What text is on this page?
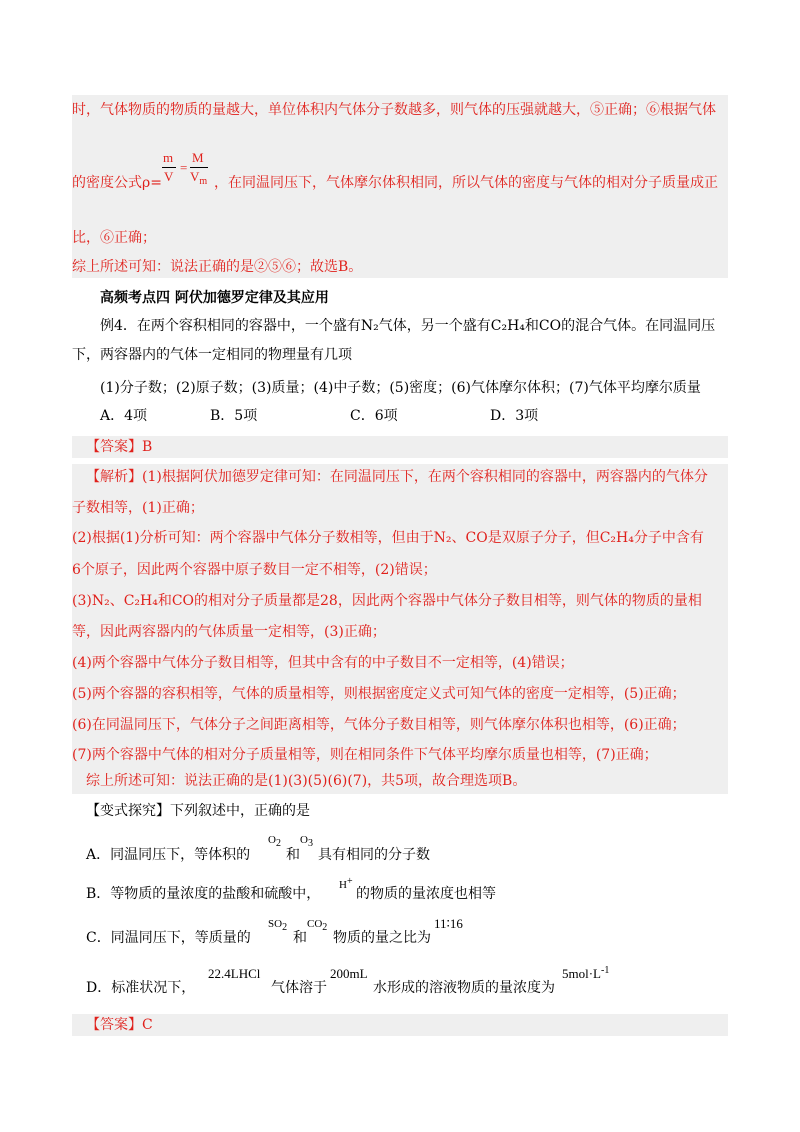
时，气体物质的物质的量越大，单位体积内气体分子数越多，则气体的压强就越大，⑤正确；⑥根据气体
的密度公式ρ=
m
V
=
M
$V_m$ ，在同温同压下，气体摩尔体积相同，所以气体的密度与气体的相对分子质量成正
比，⑥正确；
综上所述可知：说法正确的是②⑤⑥；故选B。
高频考点四 阿伏加德罗定律及其应用
例4．在两个容积相同的容器中，一个盛有N₂气体，另一个盛有C₂H₄和CO的混合气体。在同温同压
下，两容器内的气体一定相同的物理量有几项
(1)分子数；(2)原子数；(3)质量；(4)中子数；(5)密度；(6)气体摩尔体积；(7)气体平均摩尔质量
A．4项	B．5项	C．6项	D．3项
【答案】B
【解析】(1)根据阿伏加德罗定律可知：在同温同压下，在两个容积相同的容器中，两容器内的气体分
子数相等，(1)正确；
(2)根据(1)分析可知：两个容器中气体分子数相等，但由于N₂、CO是双原子分子，但C₂H₄分子中含有
6个原子，因此两个容器中原子数目一定不相等，(2)错误；
(3)N₂、C₂H₄和CO的相对分子质量都是28，因此两个容器中气体分子数目相等，则气体的物质的量相
等，因此两容器内的气体质量一定相等，(3)正确；
(4)两个容器中气体分子数目相等，但其中含有的中子数目不一定相等，(4)错误；
(5)两个容器的容积相等，气体的质量相等，则根据密度定义式可知气体的密度一定相等，(5)正确；
(6)在同温同压下，气体分子之间距离相等，气体分子数目相等，则气体摩尔体积也相等，(6)正确；
(7)两个容器中气体的相对分子质量相等，则在相同条件下气体平均摩尔质量也相等，(7)正确；
综上所述可知：说法正确的是(1)(3)(5)(6)(7)，共5项，故合理选项B。
【变式探究】下列叙述中，正确的是
A．同温同压下，等体积的
O2
和
O3
具有相同的分子数
B．等物质的量浓度的盐酸和硫酸中，
H+
的物质的量浓度也相等
C．同温同压下，等质量的
SO2
和
CO2
物质的量之比为
11∶16
D．标准状况下，
22.4LHCl
气体溶于
200mL
水形成的溶液物质的量浓度为
$5mol\cdot L^{-1}$
【答案】C
